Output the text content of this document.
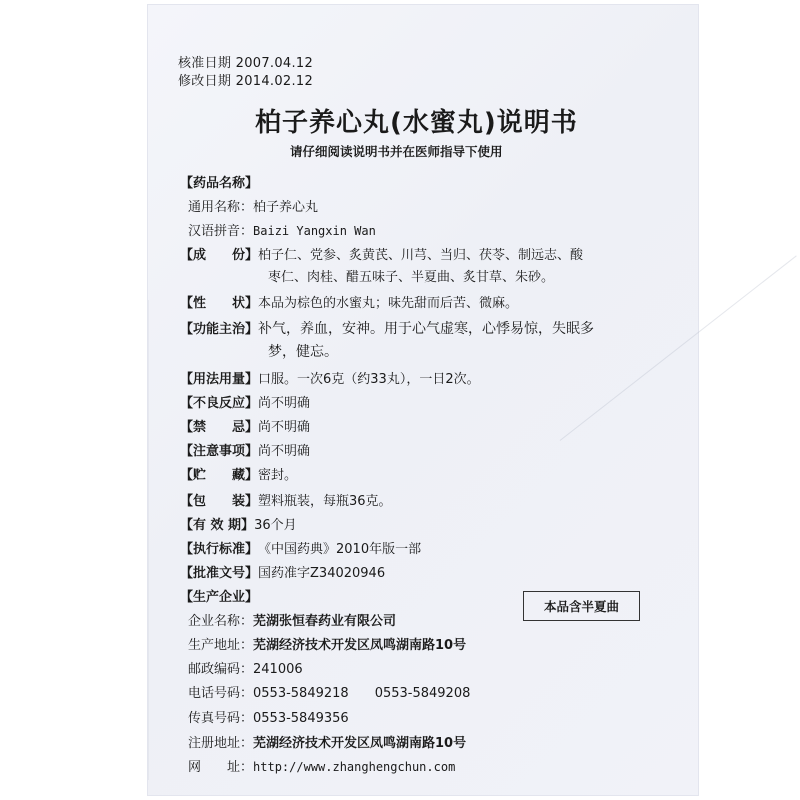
核准日期 2007.04.12
修改日期 2014.02.12
柏子养心丸(水蜜丸)说明书
请仔细阅读说明书并在医师指导下使用
【药品名称】
通用名称：柏子养心丸
汉语拼音：Baizi Yangxin Wan
【成　　份】柏子仁、党参、炙黄芪、川芎、当归、茯苓、制远志、酸
枣仁、肉桂、醋五味子、半夏曲、炙甘草、朱砂。
【性　　状】本品为棕色的水蜜丸；味先甜而后苦、微麻。
【功能主治】补气，养血，安神。用于心气虚寒，心悸易惊，失眠多
梦，健忘。
【用法用量】口服。一次6克（约33丸），一日2次。
【不良反应】尚不明确
【禁　　忌】尚不明确
【注意事项】尚不明确
【贮　　藏】密封。
【包　　装】塑料瓶装，每瓶36克。
【有 效 期】36个月
【执行标准】《中国药典》2010年版一部
【批准文号】国药准字Z34020946
【生产企业】
本品含半夏曲
企业名称：芜湖张恒春药业有限公司
生产地址：芜湖经济技术开发区凤鸣湖南路10号
邮政编码：241006
电话号码：0553-5849218　　0553-5849208
传真号码：0553-5849356
注册地址：芜湖经济技术开发区凤鸣湖南路10号
网　　址：http://www.zhanghengchun.com
